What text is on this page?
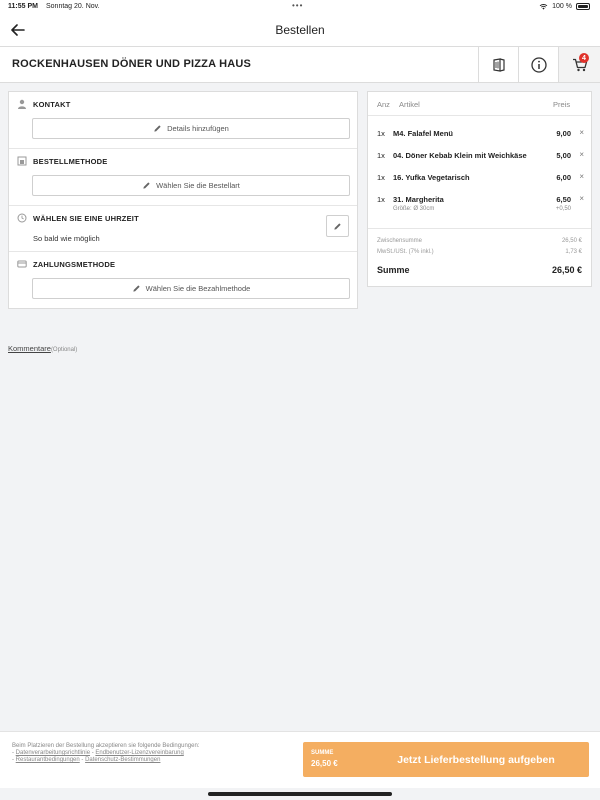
11:55 PM Sonntag 20. Nov.	•••	100 %
Bestellen
ROCKENHAUSEN DÖNER UND PIZZA HAUS	4
KONTAKT
Details hinzufügen
BESTELLMETHODE
Wählen Sie die Bestellart
WÄHLEN SIE EINE UHRZEIT
So bald wie möglich
ZAHLUNGSMETHODE
Wählen Sie die Bezahlmethode
Kommentare(Optional)
Anz Artikel	Preis
1x M4. Falafel Menü	9,00 ×
1x 04. Döner Kebab Klein mit Weichkäse	5,00 ×
1x 16. Yufka Vegetarisch	6,00 ×
1x 31. Margherita	6,50 ×
Größe: Ø 30cm	+0,50
Zwischensumme	26,50 €
MwSt./USt. (7% inkl.)	1,73 €
Summe	26,50 €
Beim Platzieren der Bestellung akzeptieren sie folgende Bedingungen:
- Datenverarbeitungsrichtlinie - Endbenutzer-Lizenzvereinbarung
- Restaurantbedingungen - Datenschutz-Bestimmungen
SUMME
26,50 €	Jetzt Lieferbestellung aufgeben
